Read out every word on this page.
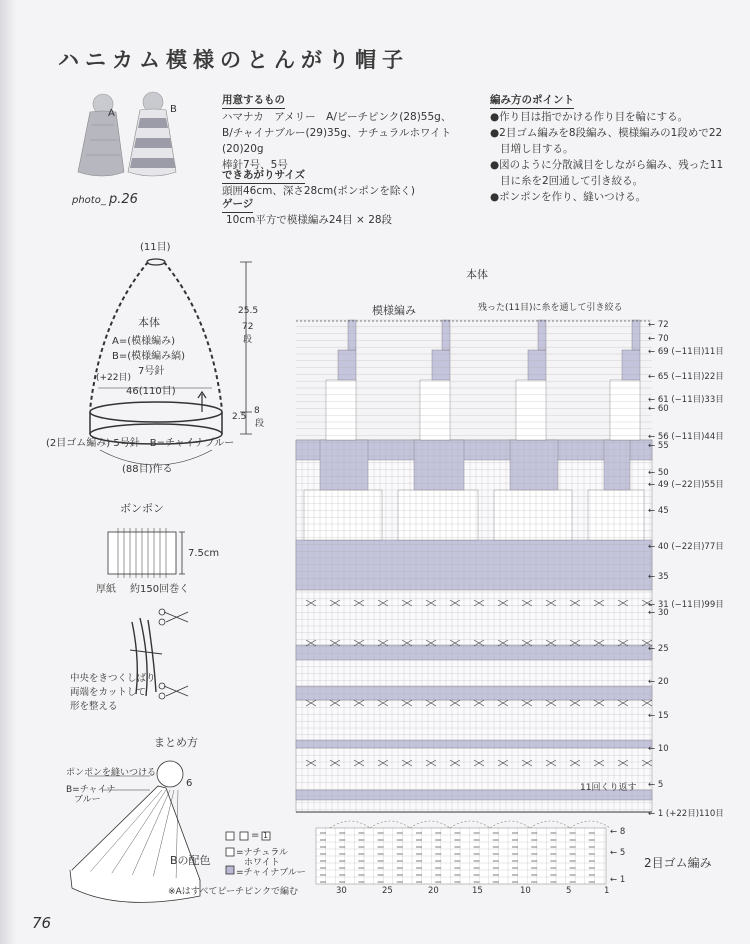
ハニカム模様のとんがり帽子
A	B
photo_ p.26
用意するもの
ハマナカ　アメリー　A/ピーチピンク(28)55g、
B/チャイナブルー(29)35g、ナチュラルホワイト
(20)20g
棒針7号、5号
できあがりサイズ
頭囲46cm、深さ28cm(ポンポンを除く)
ゲージ
10cm平方で模様編み24目 × 28段
編み方のポイント
●作り目は指でかける作り目を輪にする。
●2目ゴム編みを8段編み、模様編みの1段めで22
目増し目する。
●図のように分散減目をしながら編み、残った11
目に糸を2回通して引き絞る。
●ポンポンを作り、縫いつける。
(11目)
本体
A=(模様編み)
B=(模様編み縞)
7号針
(+22目)
46(110目)
(2目ゴム編み) 5号針　 B=チャイナブルー
(88目)作る
25.5
72
段
2.5
8
段
ボンポン
7.5cm
厚紙 約150回巻く
中央をきつくしばり
両端をカットして
形を整える
まとめ方
ポンポンを縫いつける
B=チャイナ
ブルー
6
Bの配色
= 1
=ナチュラル
ホワイト
=チャイナブルー
※Aはすべてピーチピンクで編む
本体
模様編み	残った(11目)に糸を通して引き絞る
11回くり返す
2目ゴム編み
← 72
← 70
← 69 (−11目)11目
← 65 (−11目)22目
← 61 (−11目)33目
← 60
← 56 (−11目)44目
← 55
← 50
← 49 (−22目)55目
← 45
← 40 (−22目)77目
← 35
← 31 (−11目)99目
← 30
← 25
← 20
← 15
← 10
← 5
← 1 (+22目)110目
← 8
← 5
← 1
30	25	20	15	10	5	1
76
